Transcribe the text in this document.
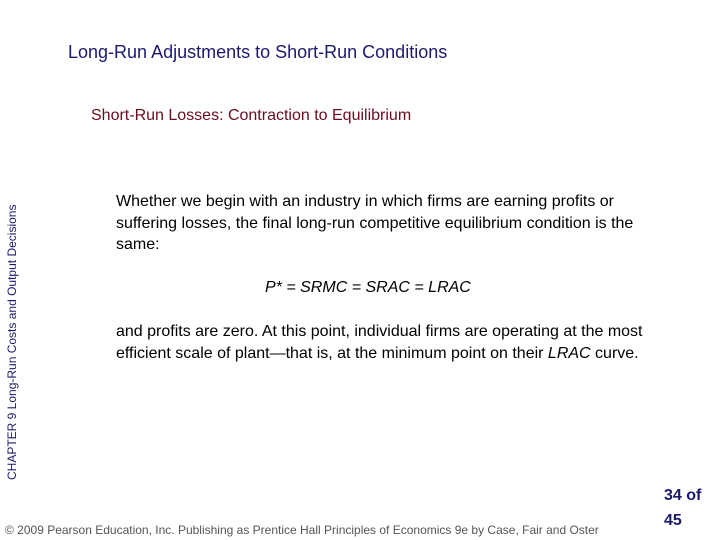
Long-Run Adjustments to Short-Run Conditions
Short-Run Losses: Contraction to Equilibrium
CHAPTER 9 Long-Run Costs and Output Decisions
Whether we begin with an industry in which firms are earning profits or suffering losses, the final long-run competitive equilibrium condition is the same:
P* = SRMC = SRAC = LRAC
and profits are zero. At this point, individual firms are operating at the most efficient scale of plant—that is, at the minimum point on their LRAC curve.
© 2009 Pearson Education, Inc. Publishing as Prentice Hall Principles of Economics 9e by Case, Fair and Oster
34 of 45
